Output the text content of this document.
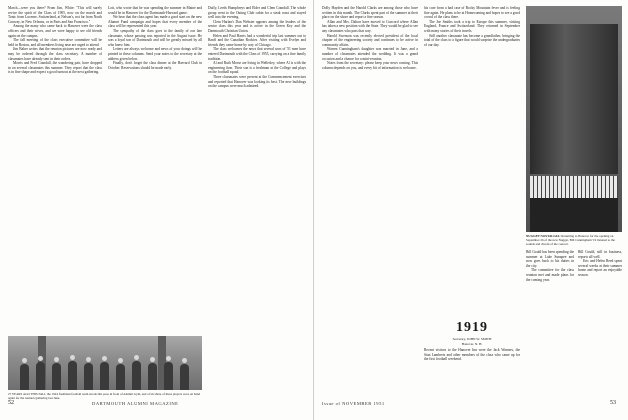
March—were you there? From Jim, White: "This will surely revive the spirit of the Class of 1905, now on the march and Tonic from Lucerne, Switzerland, at Nelson's, not far from North Conway, in New Orleans, or in Paris and San Francisco."

Among the many who came back to Hanover were the class officers and their wives, and we were happy to see old friends again on the campus.

The fall meeting of the class executive committee will be held in Boston, and all members living near are urged to attend.

Jim Baker writes that the reunion pictures are now ready and may be ordered through the class secretary. A number of classmates have already sent in their orders.

Morris and Fred Crandall, the wandering pair, have dropped in on several classmates this summer. They report that the class is in fine shape and expect a good turnout at the next gathering.

Lott, who wrote that he was spending the summer in Maine and would be in Hanover for the Dartmouth-Harvard game.

We hear that the class agent has made a good start on the new Alumni Fund campaign and hopes that every member of the class will be represented this year.

The sympathy of the class goes to the family of our late classmate, whose passing was reported in the August issue. He was a loyal son of Dartmouth and will be greatly missed by all who knew him.

Letters are always welcome and news of your doings will be printed in these columns. Send your notes to the secretary at the address given below.

Finally, don't forget the class dinner at the Harvard Club in October. Reservations should be made early.

Duffy, Leeds Humphreys and Elder and Clem Crandall. The whole group went to the Outing Club cabin for a steak roast and stayed well into the evening.

Clem Harlan's Dan Webster appears among the leaders of the senior class this year and is active in the Green Key and the Dartmouth Christian Union.

Helen and Paul Harris had a wonderful trip last summer out to Banff and the Canadian Rockies. After visiting with Evelyn and friends they came home by way of Chicago.

The class welcomes the news that several sons of '51 men have entered Dartmouth with the Class of 1955, carrying on a fine family tradition.

Al and Ruth Morse are living in Wellesley, where Al is with the engineering firm. Their son is a freshman at the College and plays on the football squad.

Three classmates were present at the Commencement exercises and reported that Hanover was looking its best. The new buildings on the campus were much admired.

27 YEARS AGO THIS FALL the 1924 freshmen football team strode this pose in front of Alumni Gym, and a fair share of these players were on hand again for the reunion gathering last June.
52	DARTMOUTH ALUMNI MAGAZINE

Dolly Hayden and the Harold Clarks are among those who have written in this month. The Clarks spent part of the summer at their place on the shore and report a fine season.

Allan and Mrs. Dalton have moved to Concord where Allan has taken a new position with the State. They would be glad to see any classmates who pass that way.

Harold Swenson was recently elected president of the local chapter of the engineering society and continues to be active in community affairs.

Warren Cunningham's daughter was married in June, and a number of classmates attended the wedding. It was a grand occasion and a chance for a mini-reunion.

Notes from the secretary: please keep your news coming. This column depends on you, and every bit of information is welcome.

his cure from a bad case of Rocky Mountain fever and is feeling fine again. He plans to be at Homecoming and hopes to see a good crowd of the class there.

The Joe Smiths took a trip to Europe this summer, visiting England, France and Switzerland. They returned in September with many stories of their travels.

Still another classmate has become a grandfather, bringing the total of the class to a figure that would surprise the undergraduates of our day.

1919
Secretary, JOHN W. SMITH
Hanover, N. H.

Recent visitors to the Hanover Inn were the Jack Warners, the Stan Lamberts and other members of the class who came up for the first football weekend.

NUGGET NOSTALGIA: Returning to Hanover for the opening on September 26 of the new Nugget, Bill Cunningham '19 listened to the sounds and chords of the concert.

Bill Gould has been spending the summer at Lake Sunapee and now goes back to his duties in the city.

The committee for the class reunion met and made plans for the coming year.

Bill Gould, still in business, reports all well.

Eric and Helen Reed spent several weeks at their summer home and report an enjoyable season.

Issue of NOVEMBER 1951	53
